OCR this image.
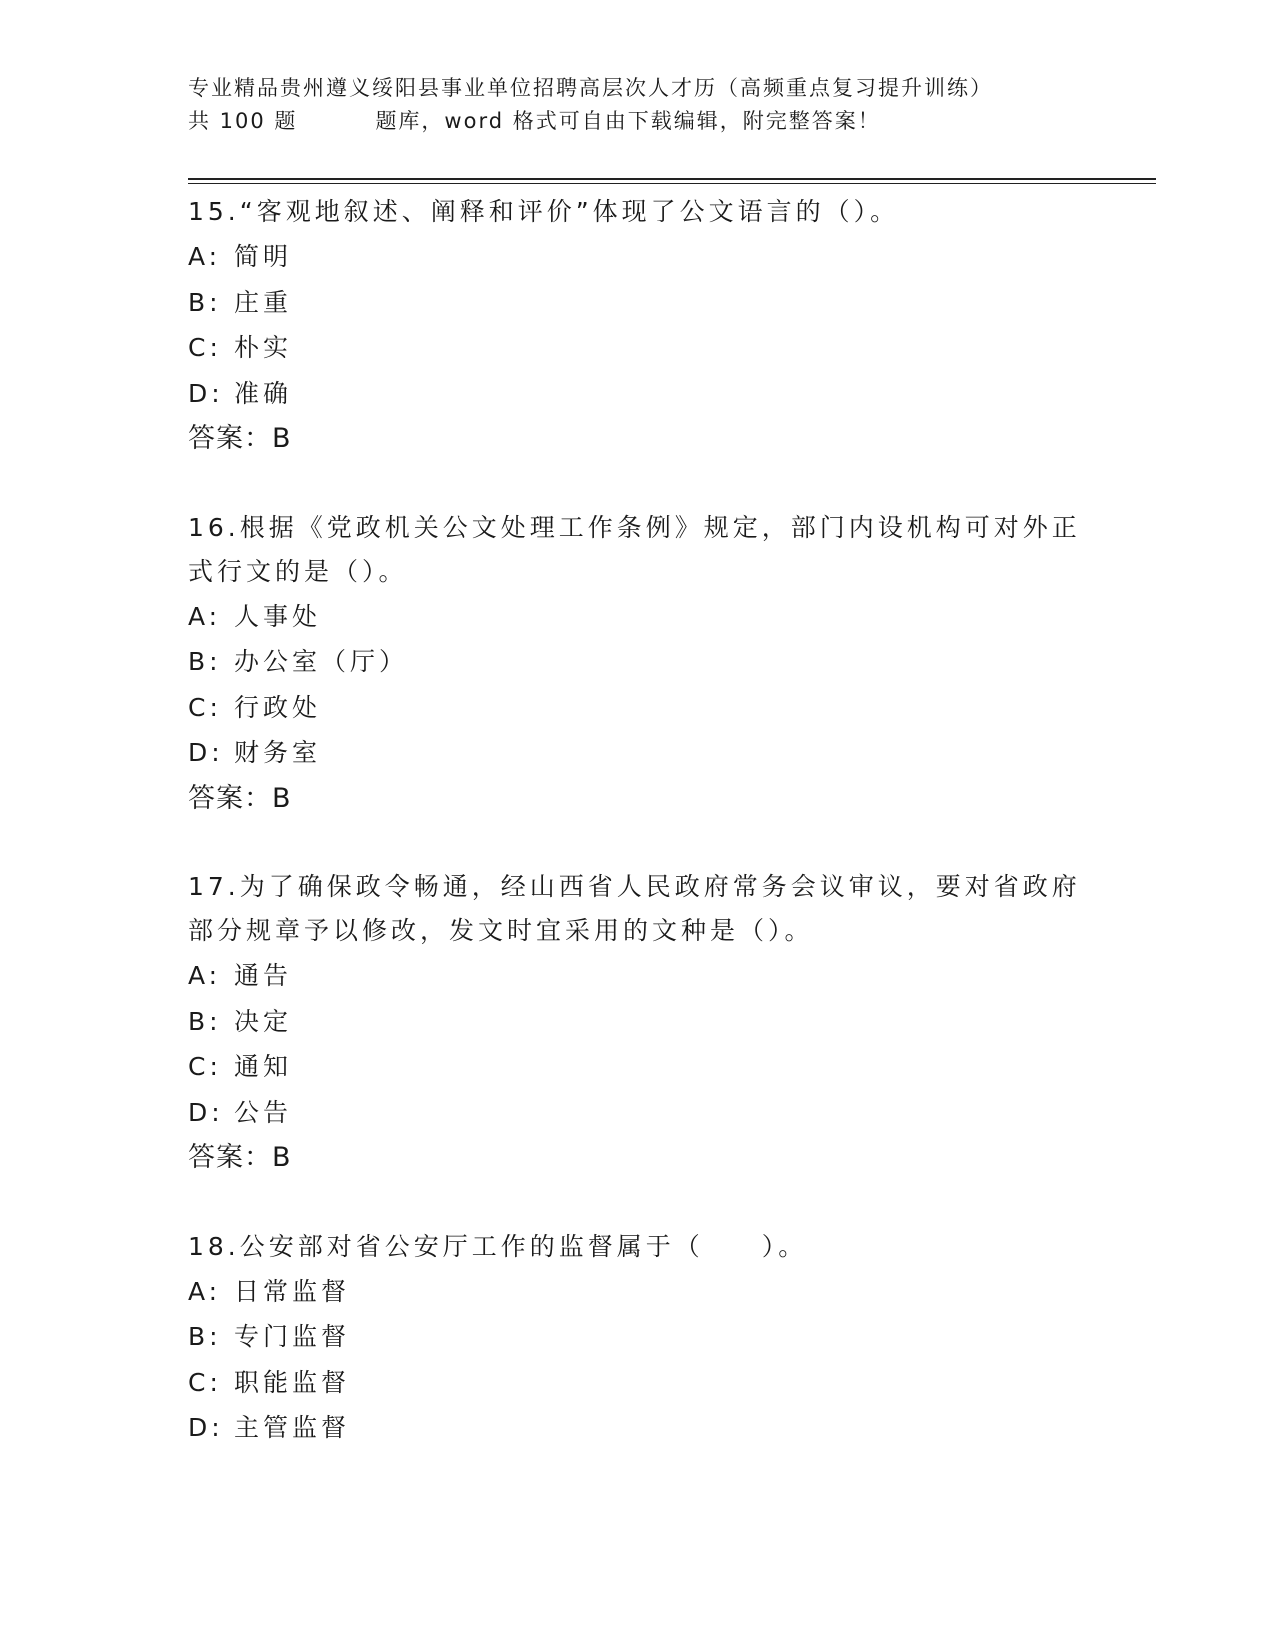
专业精品贵州遵义绥阳县事业单位招聘高层次人才历（高频重点复习提升训练）
共 100 题	题库，word 格式可自由下载编辑，附完整答案！
15.“客观地叙述、阐释和评价”体现了公文语言的（）。
A: 简明
B: 庄重
C: 朴实
D: 准确
答案：B
16.根据《党政机关公文处理工作条例》规定，部门内设机构可对外正式行文的是（）。
A: 人事处
B: 办公室（厅）
C: 行政处
D: 财务室
答案：B
17.为了确保政令畅通，经山西省人民政府常务会议审议，要对省政府部分规章予以修改，发文时宜采用的文种是（）。
A: 通告
B: 决定
C: 通知
D: 公告
答案：B
18.公安部对省公安厅工作的监督属于（　　）。
A: 日常监督
B: 专门监督
C: 职能监督
D: 主管监督
